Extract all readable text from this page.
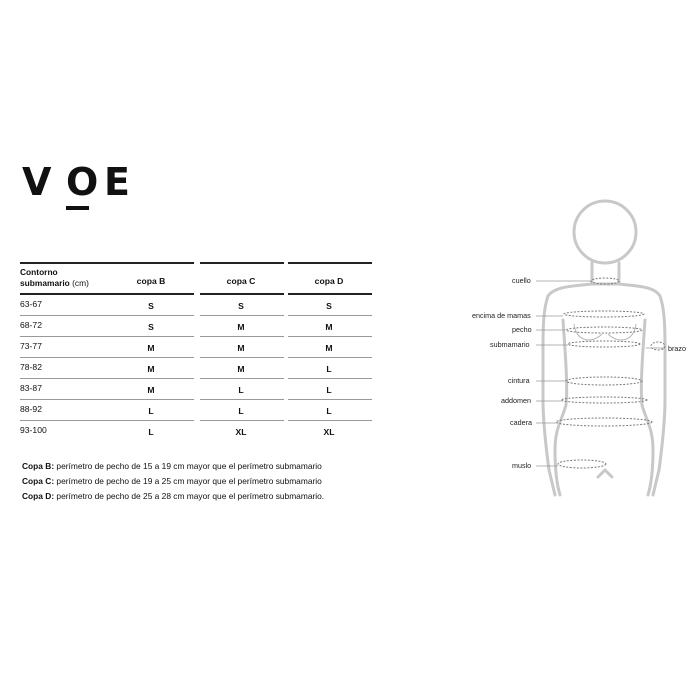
V O E
Contorno
submamario (cm)	copa B	copa C	copa D
63-67	S	S	S
68-72	S	M	M
73-77	M	M	M
78-82	M	M	L
83-87	M	L	L
88-92	L	L	L
93-100	L	XL	XL
Copa B: perímetro de pecho de 15 a 19 cm mayor que el perímetro submamario
Copa C: perímetro de pecho de 19 a 25 cm mayor que el perímetro submamario
Copa D: perímetro de pecho de 25 a 28 cm mayor que el perímetro submamario.
cuello
encima de mamas
pecho
submamario	brazo
cintura
addomen
cadera
muslo
